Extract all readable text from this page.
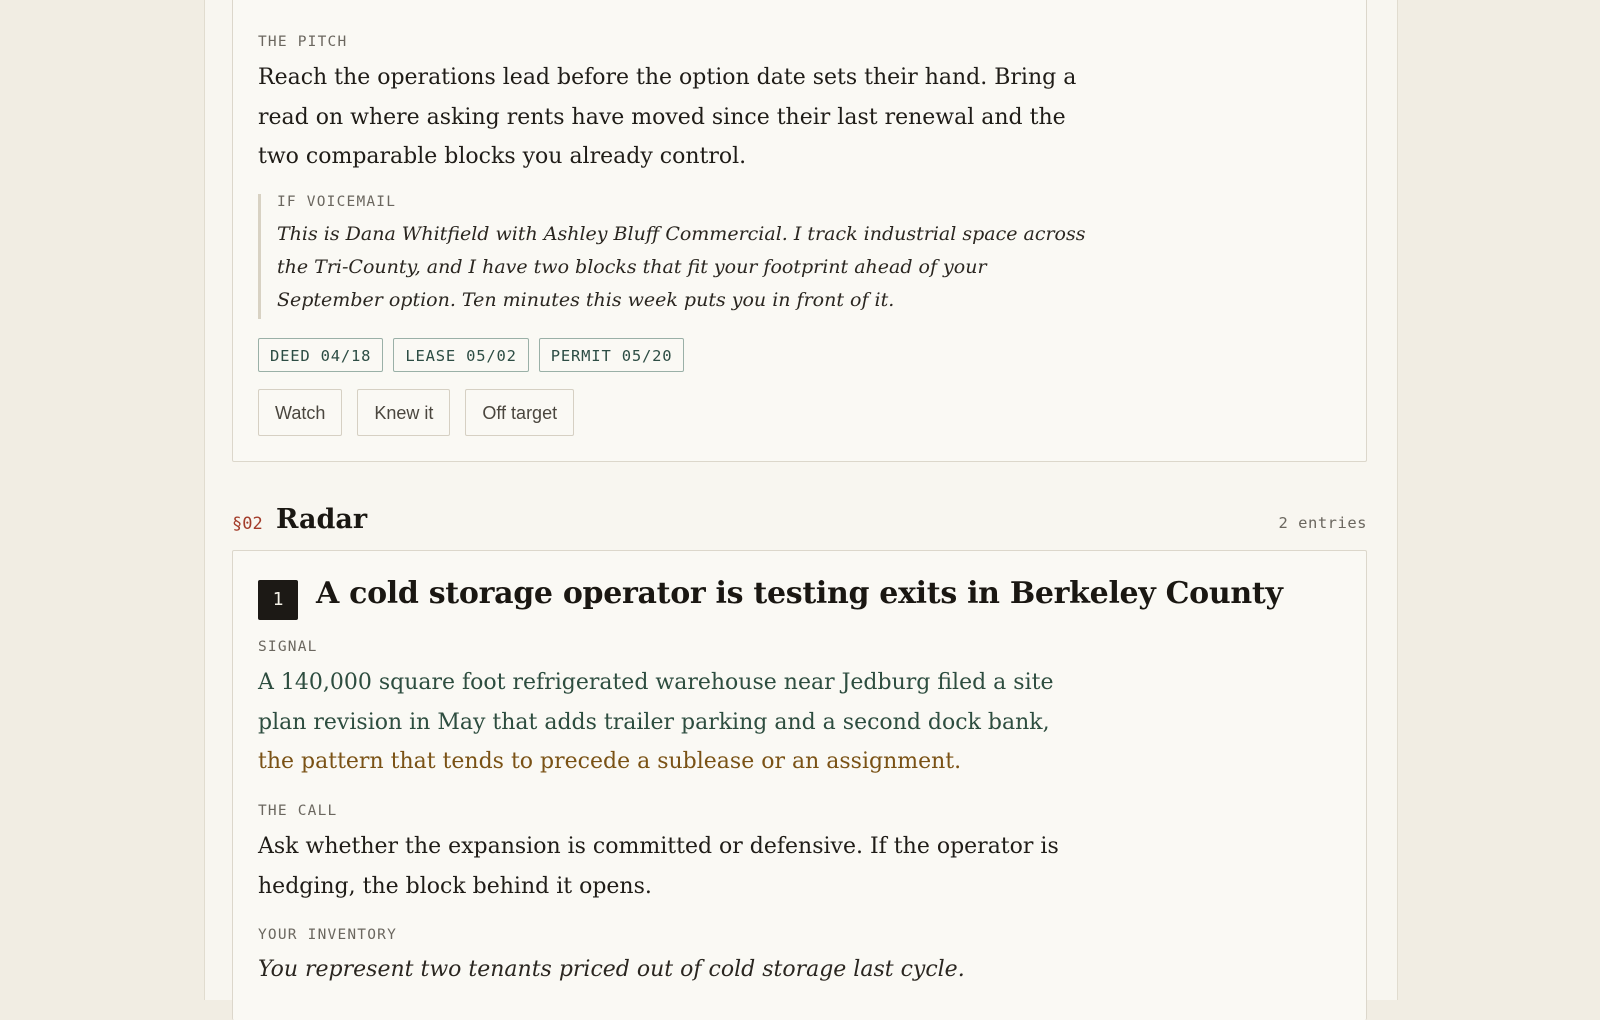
THE PITCH
Reach the operations lead before the option date sets their hand. Bring a read on where asking rents have moved since their last renewal and the two comparable blocks you already control.
IF VOICEMAIL
This is Dana Whitfield with Ashley Bluff Commercial. I track industrial space across the Tri-County, and I have two blocks that fit your footprint ahead of your September option. Ten minutes this week puts you in front of it.
DEED 04/18	LEASE 05/02	PERMIT 05/20
Watch	Knew it	Off target
§02 Radar	2 entries
1	A cold storage operator is testing exits in Berkeley County
SIGNAL
A 140,000 square foot refrigerated warehouse near Jedburg filed a site plan revision in May that adds trailer parking and a second dock bank, the pattern that tends to precede a sublease or an assignment.
THE CALL
Ask whether the expansion is committed or defensive. If the operator is hedging, the block behind it opens.
YOUR INVENTORY
You represent two tenants priced out of cold storage last cycle.
